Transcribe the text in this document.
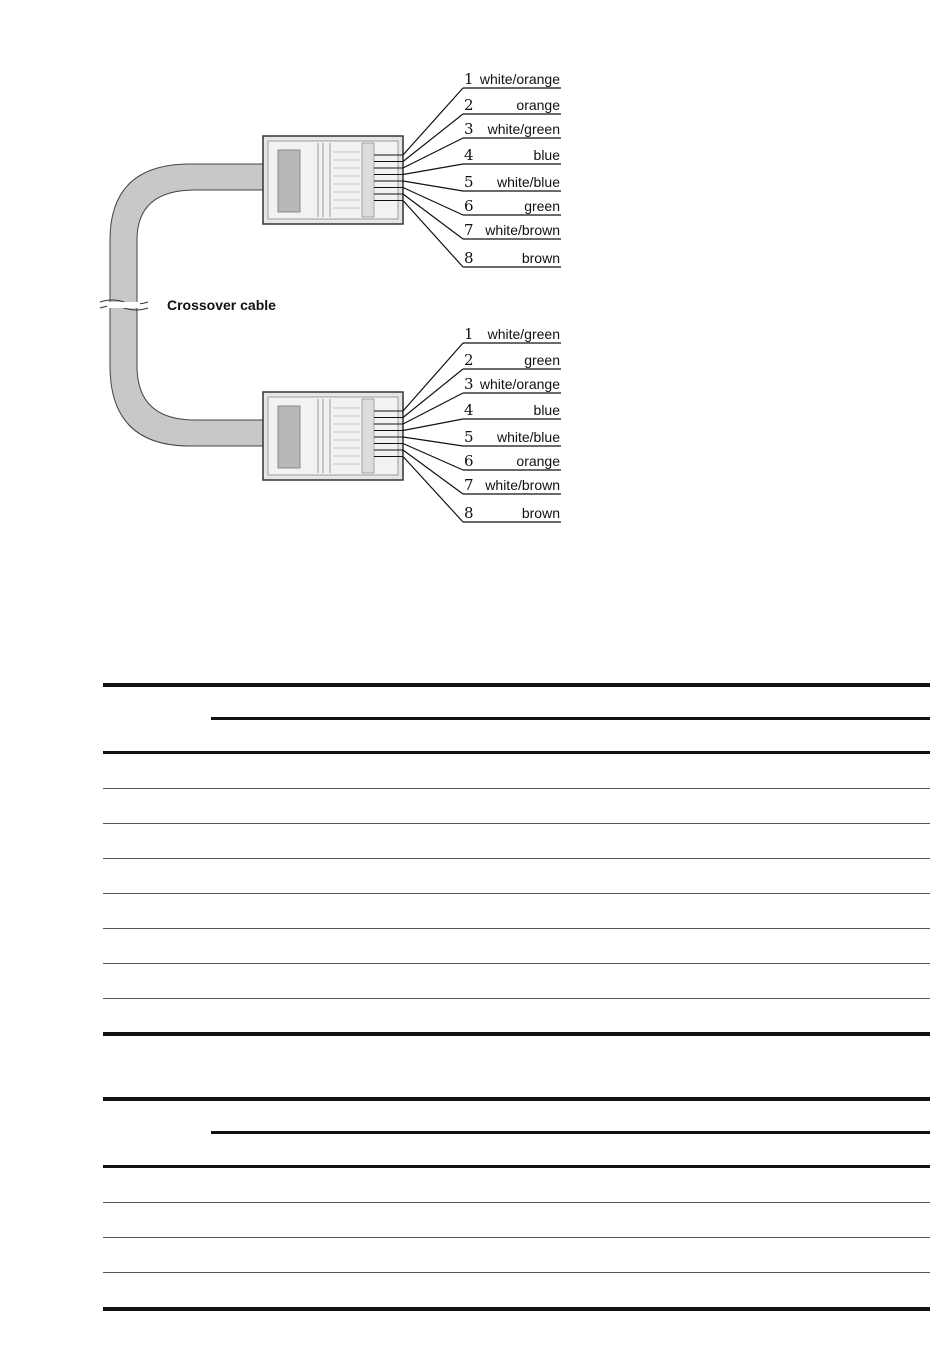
Crossover cable
1 white/orange
2	orange
3 white/green
4	blue
5 white/blue
6	green
7 white/brown
8	brown
1 white/green
2	green
3 white/orange
4	blue
5 white/blue
6	orange
7 white/brown
8	brown
